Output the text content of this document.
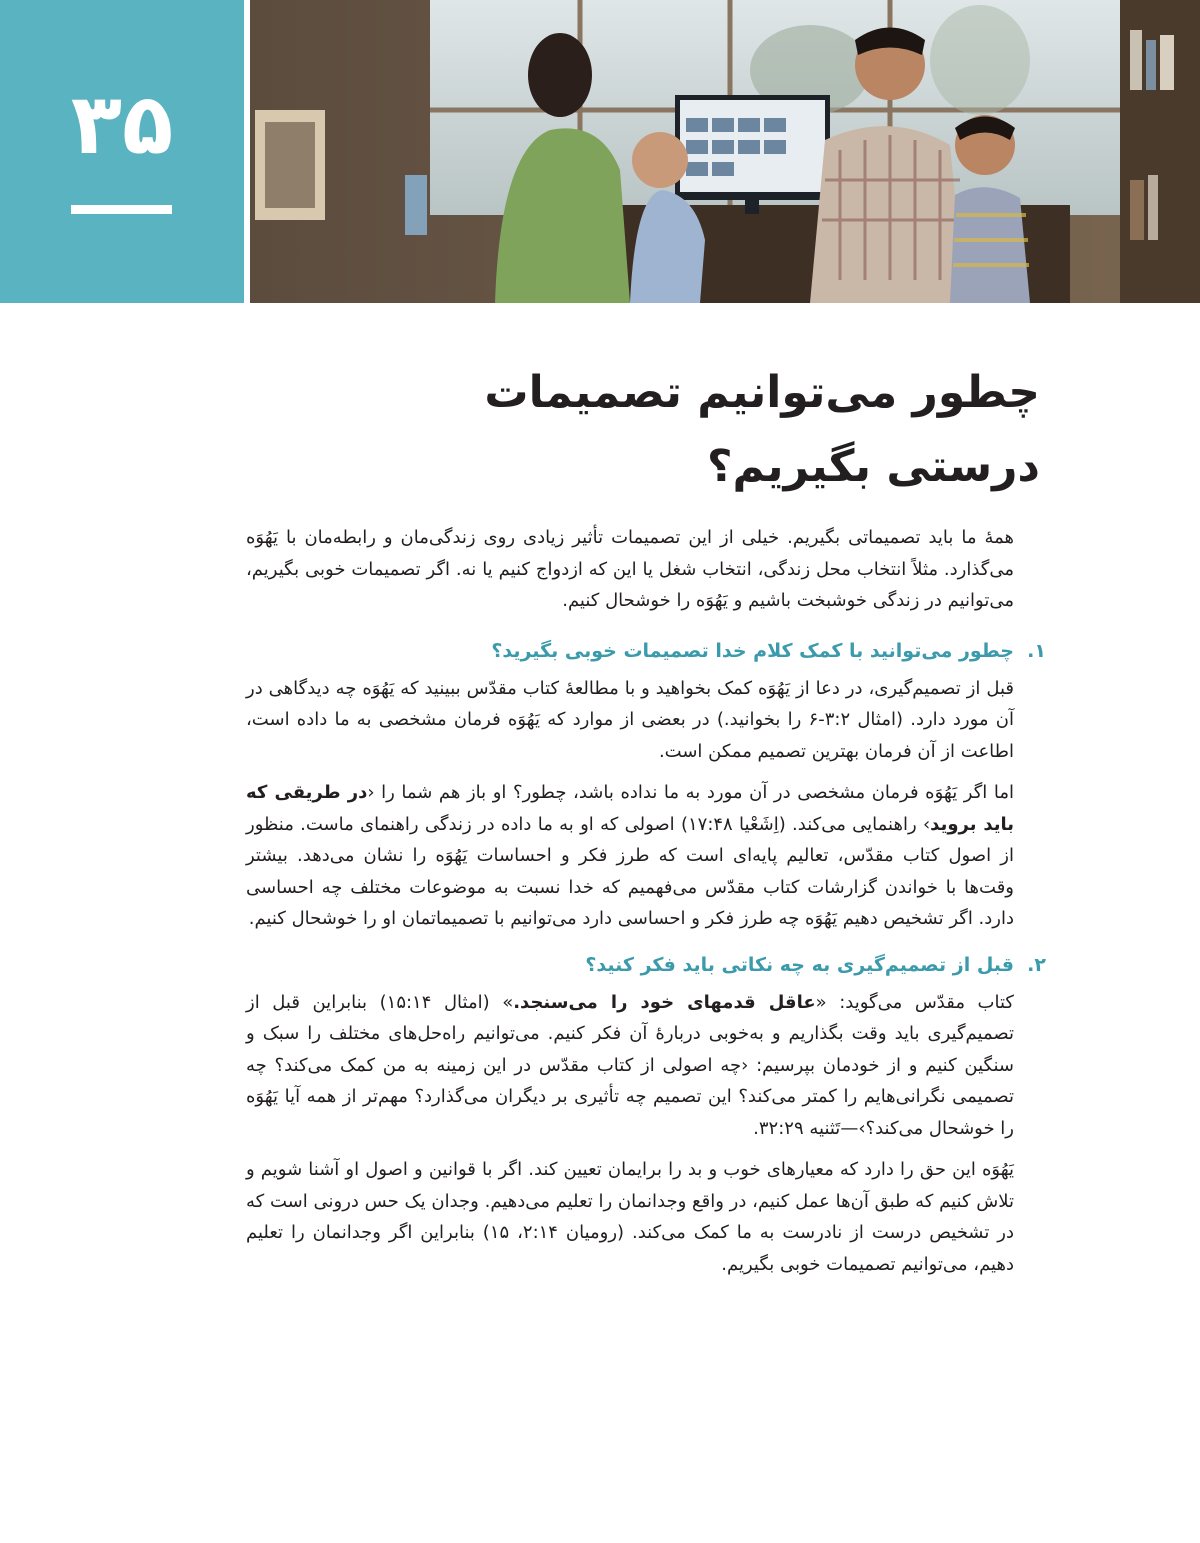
۳۵
چطور می‌توانیم تصمیمات
درستی بگیریم؟

همهٔ ما باید تصمیماتی بگیریم. خیلی از این تصمیمات تأثیر زیادی روی زندگی‌مان و رابطه‌مان با یَهُوَه می‌گذارد. مثلاً انتخاب محل زندگی، انتخاب شغل یا این که ازدواج کنیم یا نه. اگر تصمیمات خوبی بگیریم، می‌توانیم در زندگی خوشبخت باشیم و یَهُوَه را خوشحال کنیم.

۱.
چطور می‌توانید با کمک کلام خدا تصمیمات خوبی بگیرید؟

قبل از تصمیم‌گیری، در دعا از یَهُوَه کمک بخواهید و با مطالعهٔ کتاب مقدّس ببینید که یَهُوَه چه دیدگاهی در آن مورد دارد. (امثال ۳:۲-۶ را بخوانید.) در بعضی از موارد که یَهُوَه فرمان مشخصی به ما داده است، اطاعت از آن فرمان بهترین تصمیم ممکن است.

اما اگر یَهُوَه فرمان مشخصی در آن مورد به ما نداده باشد، چطور؟ او باز هم شما را ‹در طریقی که باید بروید› راهنمایی می‌کند. (اِشَعْیا ۱۷:۴۸) اصولی که او به ما داده در زندگی راهنمای ماست. منظور از اصول کتاب مقدّس، تعالیم پایه‌ای است که طرز فکر و احساسات یَهُوَه را نشان می‌دهد. بیشتر وقت‌ها با خواندن گزارشات کتاب مقدّس می‌فهمیم که خدا نسبت به موضوعات مختلف چه احساسی دارد. اگر تشخیص دهیم یَهُوَه چه طرز فکر و احساسی دارد می‌توانیم با تصمیماتمان او را خوشحال کنیم.

۲.
قبل از تصمیم‌گیری به چه نکاتی باید فکر کنید؟

کتاب مقدّس می‌گوید: «عاقل قدمهای خود را می‌سنجد.» (امثال ۱۵:۱۴) بنابراین قبل از تصمیم‌گیری باید وقت بگذاریم و به‌خوبی دربارهٔ آن فکر کنیم. می‌توانیم راه‌حل‌های مختلف را سبک و سنگین کنیم و از خودمان بپرسیم: ‹چه اصولی از کتاب مقدّس در این زمینه به من کمک می‌کند؟ چه تصمیمی نگرانی‌هایم را کمتر می‌کند؟ این تصمیم چه تأثیری بر دیگران می‌گذارد؟ مهم‌تر از همه آیا یَهُوَه را خوشحال می‌کند؟›—تَثنیه ۳۲:۲۹.

یَهُوَه این حق را دارد که معیارهای خوب و بد را برایمان تعیین کند. اگر با قوانین و اصول او آشنا شویم و تلاش کنیم که طبق آن‌ها عمل کنیم، در واقع وجدانمان را تعلیم می‌دهیم. وجدان یک حس درونی است که در تشخیص درست از نادرست به ما کمک می‌کند. (رومیان ۲:۱۴، ۱۵) بنابراین اگر وجدانمان را تعلیم دهیم، می‌توانیم تصمیمات خوبی بگیریم.
